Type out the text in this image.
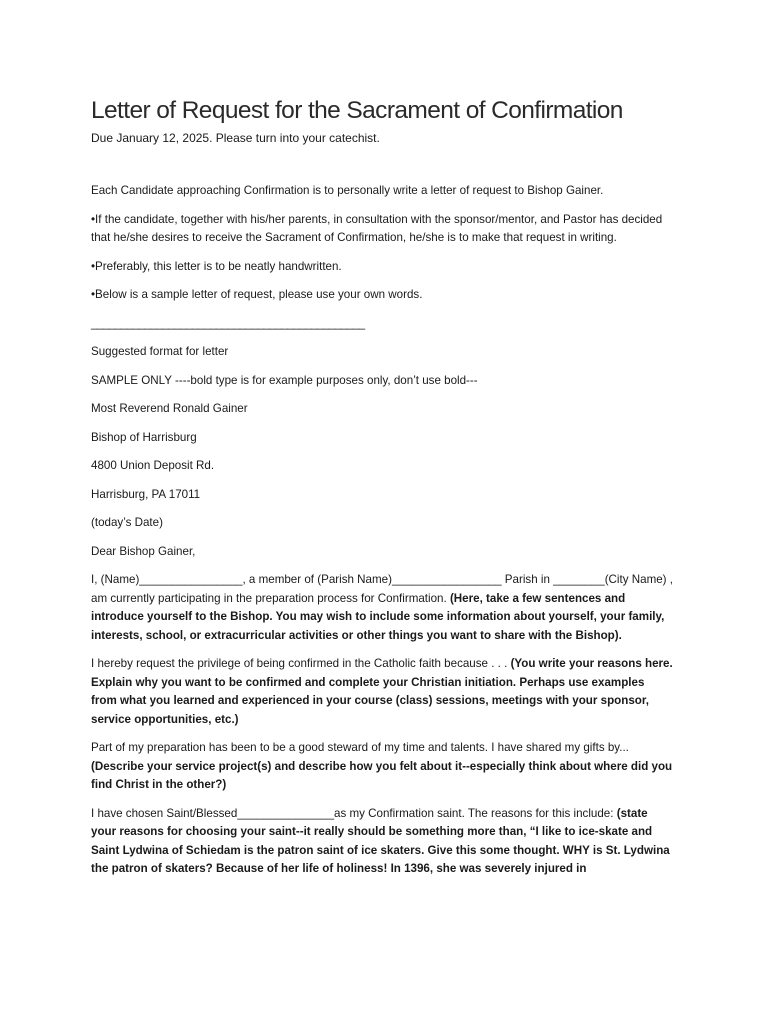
Letter of Request for the Sacrament of Confirmation
Due January 12, 2025. Please turn into your catechist.

Each Candidate approaching Confirmation is to personally write a letter of request to Bishop Gainer.

•If the candidate, together with his/her parents, in consultation with the sponsor/mentor, and Pastor has decided that he/she desires to receive the Sacrament of Confirmation, he/she is to make that request in writing.

•Preferably, this letter is to be neatly handwritten.

•Below is a sample letter of request, please use your own words.

______________________________________________

Suggested format for letter

SAMPLE ONLY ----bold type is for example purposes only, don’t use bold---

Most Reverend Ronald Gainer

Bishop of Harrisburg

4800 Union Deposit Rd.

Harrisburg, PA 17011

(today’s Date)

Dear Bishop Gainer,

I, (Name)________________, a member of (Parish Name)_________________ Parish in ________(City Name) , am currently participating in the preparation process for Confirmation. (Here, take a few sentences and introduce yourself to the Bishop. You may wish to include some information about yourself, your family, interests, school, or extracurricular activities or other things you want to share with the Bishop).

I hereby request the privilege of being confirmed in the Catholic faith because . . . (You write your reasons here. Explain why you want to be confirmed and complete your Christian initiation. Perhaps use examples from what you learned and experienced in your course (class) sessions, meetings with your sponsor, service opportunities, etc.)

Part of my preparation has been to be a good steward of my time and talents. I have shared my gifts by...(Describe your service project(s) and describe how you felt about it--especially think about where did you find Christ in the other?)

I have chosen Saint/Blessed_______________as my Confirmation saint. The reasons for this include: (state your reasons for choosing your saint--it really should be something more than, “I like to ice-skate and Saint Lydwina of Schiedam is the patron saint of ice skaters. Give this some thought. WHY is St. Lydwina the patron of skaters? Because of her life of holiness! In 1396, she was severely injured in
